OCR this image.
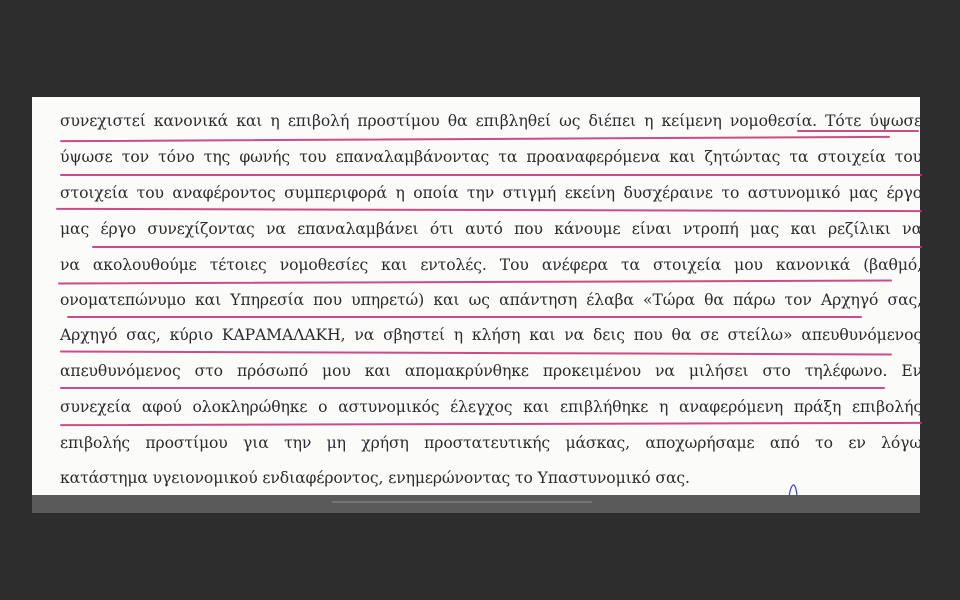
συνεχιστεί κανονικά και η επιβολή προστίμου θα επιβληθεί ως διέπει η κείμενη νομοθεσία. Τότε ύψωσε

ύψωσε τον τόνο της φωνής του επαναλαμβάνοντας τα προαναφερόμενα και ζητώντας τα στοιχεία του

στοιχεία του αναφέροντος συμπεριφορά η οποία την στιγμή εκείνη δυσχέραινε το αστυνομικό μας έργο

μας έργο συνεχίζοντας να επαναλαμβάνει ότι αυτό που κάνουμε είναι ντροπή μας και ρεζίλικι να

να ακολουθούμε τέτοιες νομοθεσίες και εντολές. Του ανέφερα τα στοιχεία μου κανονικά (βαθμό,

ονοματεπώνυμο και Υπηρεσία που υπηρετώ) και ως απάντηση έλαβα «Τώρα θα πάρω τον Αρχηγό σας,

Αρχηγό σας, κύριο ΚΑΡΑΜΑΛΑΚΗ, να σβηστεί η κλήση και να δεις που θα σε στείλω» απευθυνόμενος

απευθυνόμενος στο πρόσωπό μου και απομακρύνθηκε προκειμένου να μιλήσει στο τηλέφωνο. Εν

συνεχεία αφού ολοκληρώθηκε ο αστυνομικός έλεγχος και επιβλήθηκε η αναφερόμενη πράξη επιβολής

επιβολής προστίμου για την μη χρήση προστατευτικής μάσκας, αποχωρήσαμε από το εν λόγω

κατάστημα υγειονομικού ενδιαφέροντος, ενημερώνοντας το Υπαστυνομικό σας.
